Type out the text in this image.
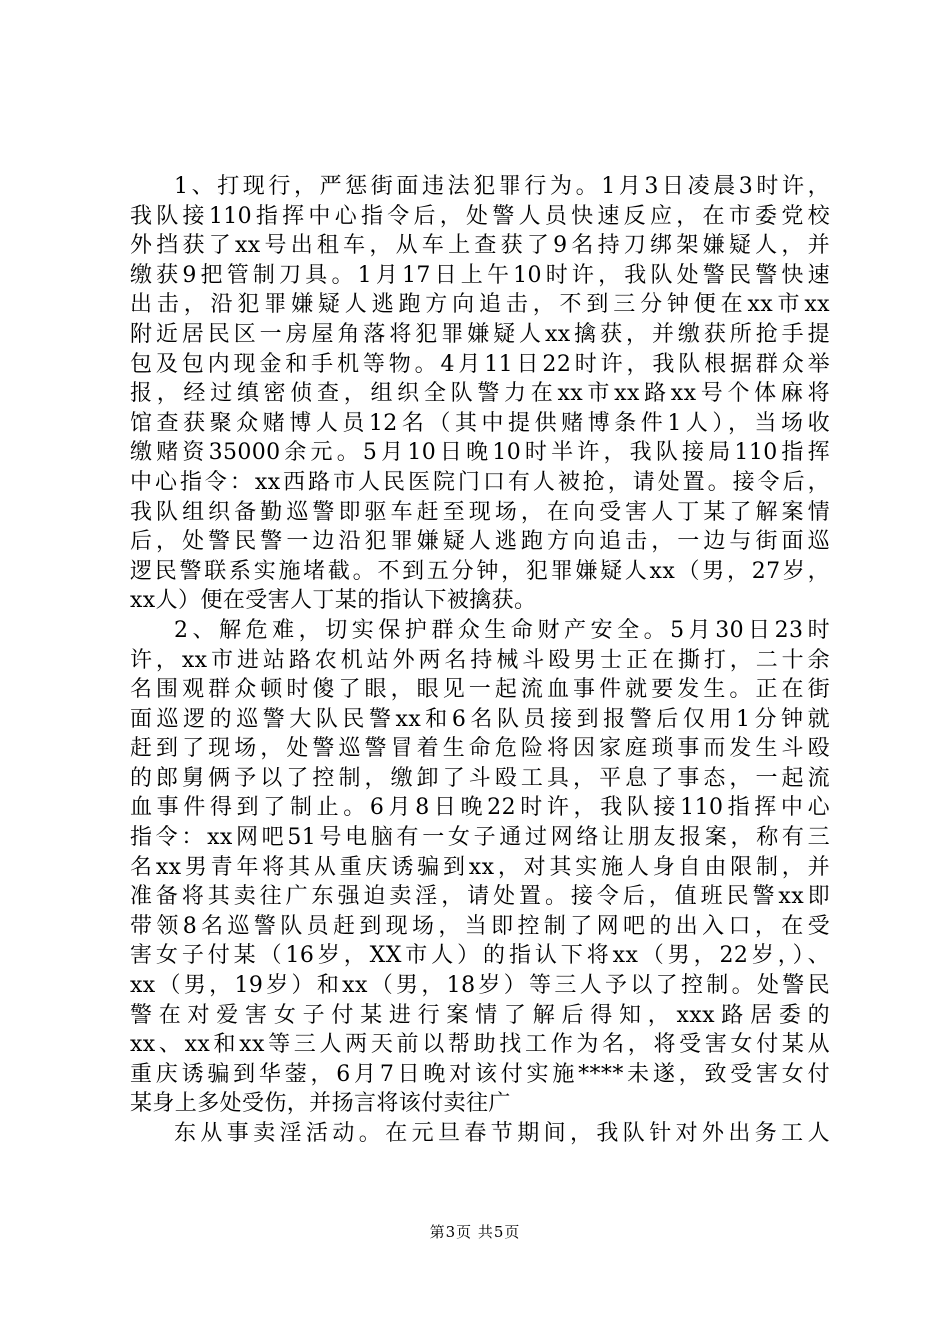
1、打现行，严惩街面违法犯罪行为。1月3日凌晨3时许，
我队接110指挥中心指令后，处警人员快速反应，在市委党校
外挡获了xx号出租车，从车上查获了9名持刀绑架嫌疑人，并
缴获9把管制刀具。1月17日上午10时许，我队处警民警快速
出击，沿犯罪嫌疑人逃跑方向追击，不到三分钟便在xx市xx
附近居民区一房屋角落将犯罪嫌疑人xx擒获，并缴获所抢手提
包及包内现金和手机等物。4月11日22时许，我队根据群众举
报，经过缜密侦查，组织全队警力在xx市xx路xx号个体麻将
馆查获聚众赌博人员12名（其中提供赌博条件1人），当场收
缴赌资35000余元。5月10日晚10时半许，我队接局110指挥
中心指令：xx西路市人民医院门口有人被抢，请处置。接令后，
我队组织备勤巡警即驱车赶至现场，在向受害人丁某了解案情
后，处警民警一边沿犯罪嫌疑人逃跑方向追击，一边与街面巡
逻民警联系实施堵截。不到五分钟，犯罪嫌疑人xx（男，27岁，
xx人）便在受害人丁某的指认下被擒获。
2、解危难，切实保护群众生命财产安全。5月30日23时
许，xx市进站路农机站外两名持械斗殴男士正在撕打，二十余
名围观群众顿时傻了眼，眼见一起流血事件就要发生。正在街
面巡逻的巡警大队民警xx和6名队员接到报警后仅用1分钟就
赶到了现场，处警巡警冒着生命危险将因家庭琐事而发生斗殴
的郎舅俩予以了控制，缴卸了斗殴工具，平息了事态，一起流
血事件得到了制止。6月8日晚22时许，我队接110指挥中心
指令：xx网吧51号电脑有一女子通过网络让朋友报案，称有三
名xx男青年将其从重庆诱骗到xx，对其实施人身自由限制，并
准备将其卖往广东强迫卖淫，请处置。接令后，值班民警xx即
带领8名巡警队员赶到现场，当即控制了网吧的出入口，在受
害女子付某（16岁，XX市人）的指认下将xx（男，22岁，）、
xx（男，19岁）和xx（男，18岁）等三人予以了控制。处警民
警在对爱害女子付某进行案情了解后得知，xxx路居委的
xx、xx和xx等三人两天前以帮助找工作为名，将受害女付某从
重庆诱骗到华蓥，6月7日晚对该付实施****未遂，致受害女付
某身上多处受伤，并扬言将该付卖往广
东从事卖淫活动。在元旦春节期间，我队针对外出务工人
第3页 共5页
